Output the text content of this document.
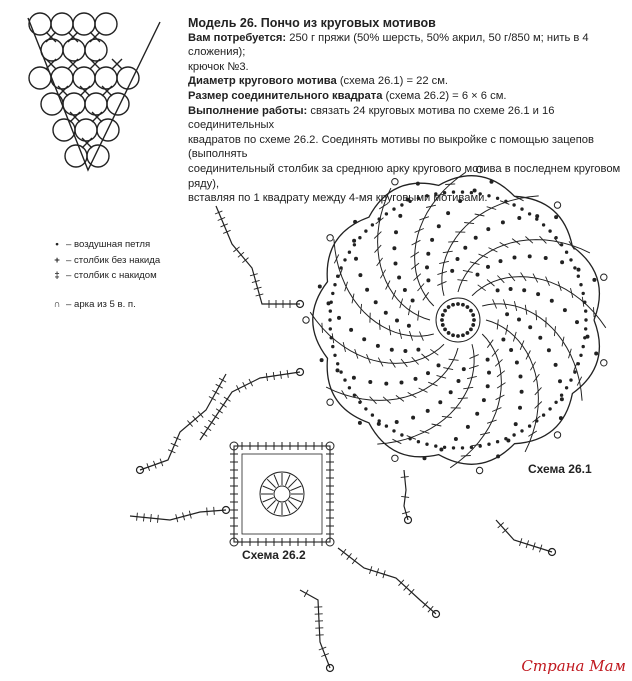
Модель 26. Пончо из круговых мотивов
Вам потребуется: 250 г пряжи (50% шерсть, 50% акрил, 50 г/850 м; нить в 4 сложения);
крючок №3.
Диаметр кругового мотива (схема 26.1) = 22 см.
Размер соединительного квадрата (схема 26.2) = 6 × 6 см.
Выполнение работы: связать 24 круговых мотива по схеме 26.1 и 16 соединительных
квадратов по схеме 26.2. Соединять мотивы по выкройке с помощью зацепов (выполнять
соединительный столбик за среднюю арку кругового мотива в последнем круговом ряду),
вставляя по 1 квадрату между 4-мя круговыми мотивами.
• – воздушная петля
+ – столбик без накида
‡ – столбик с накидом
∩ – арка из 5 в. п.
Схема 26.1
Схема 26.2
Страна Мам
